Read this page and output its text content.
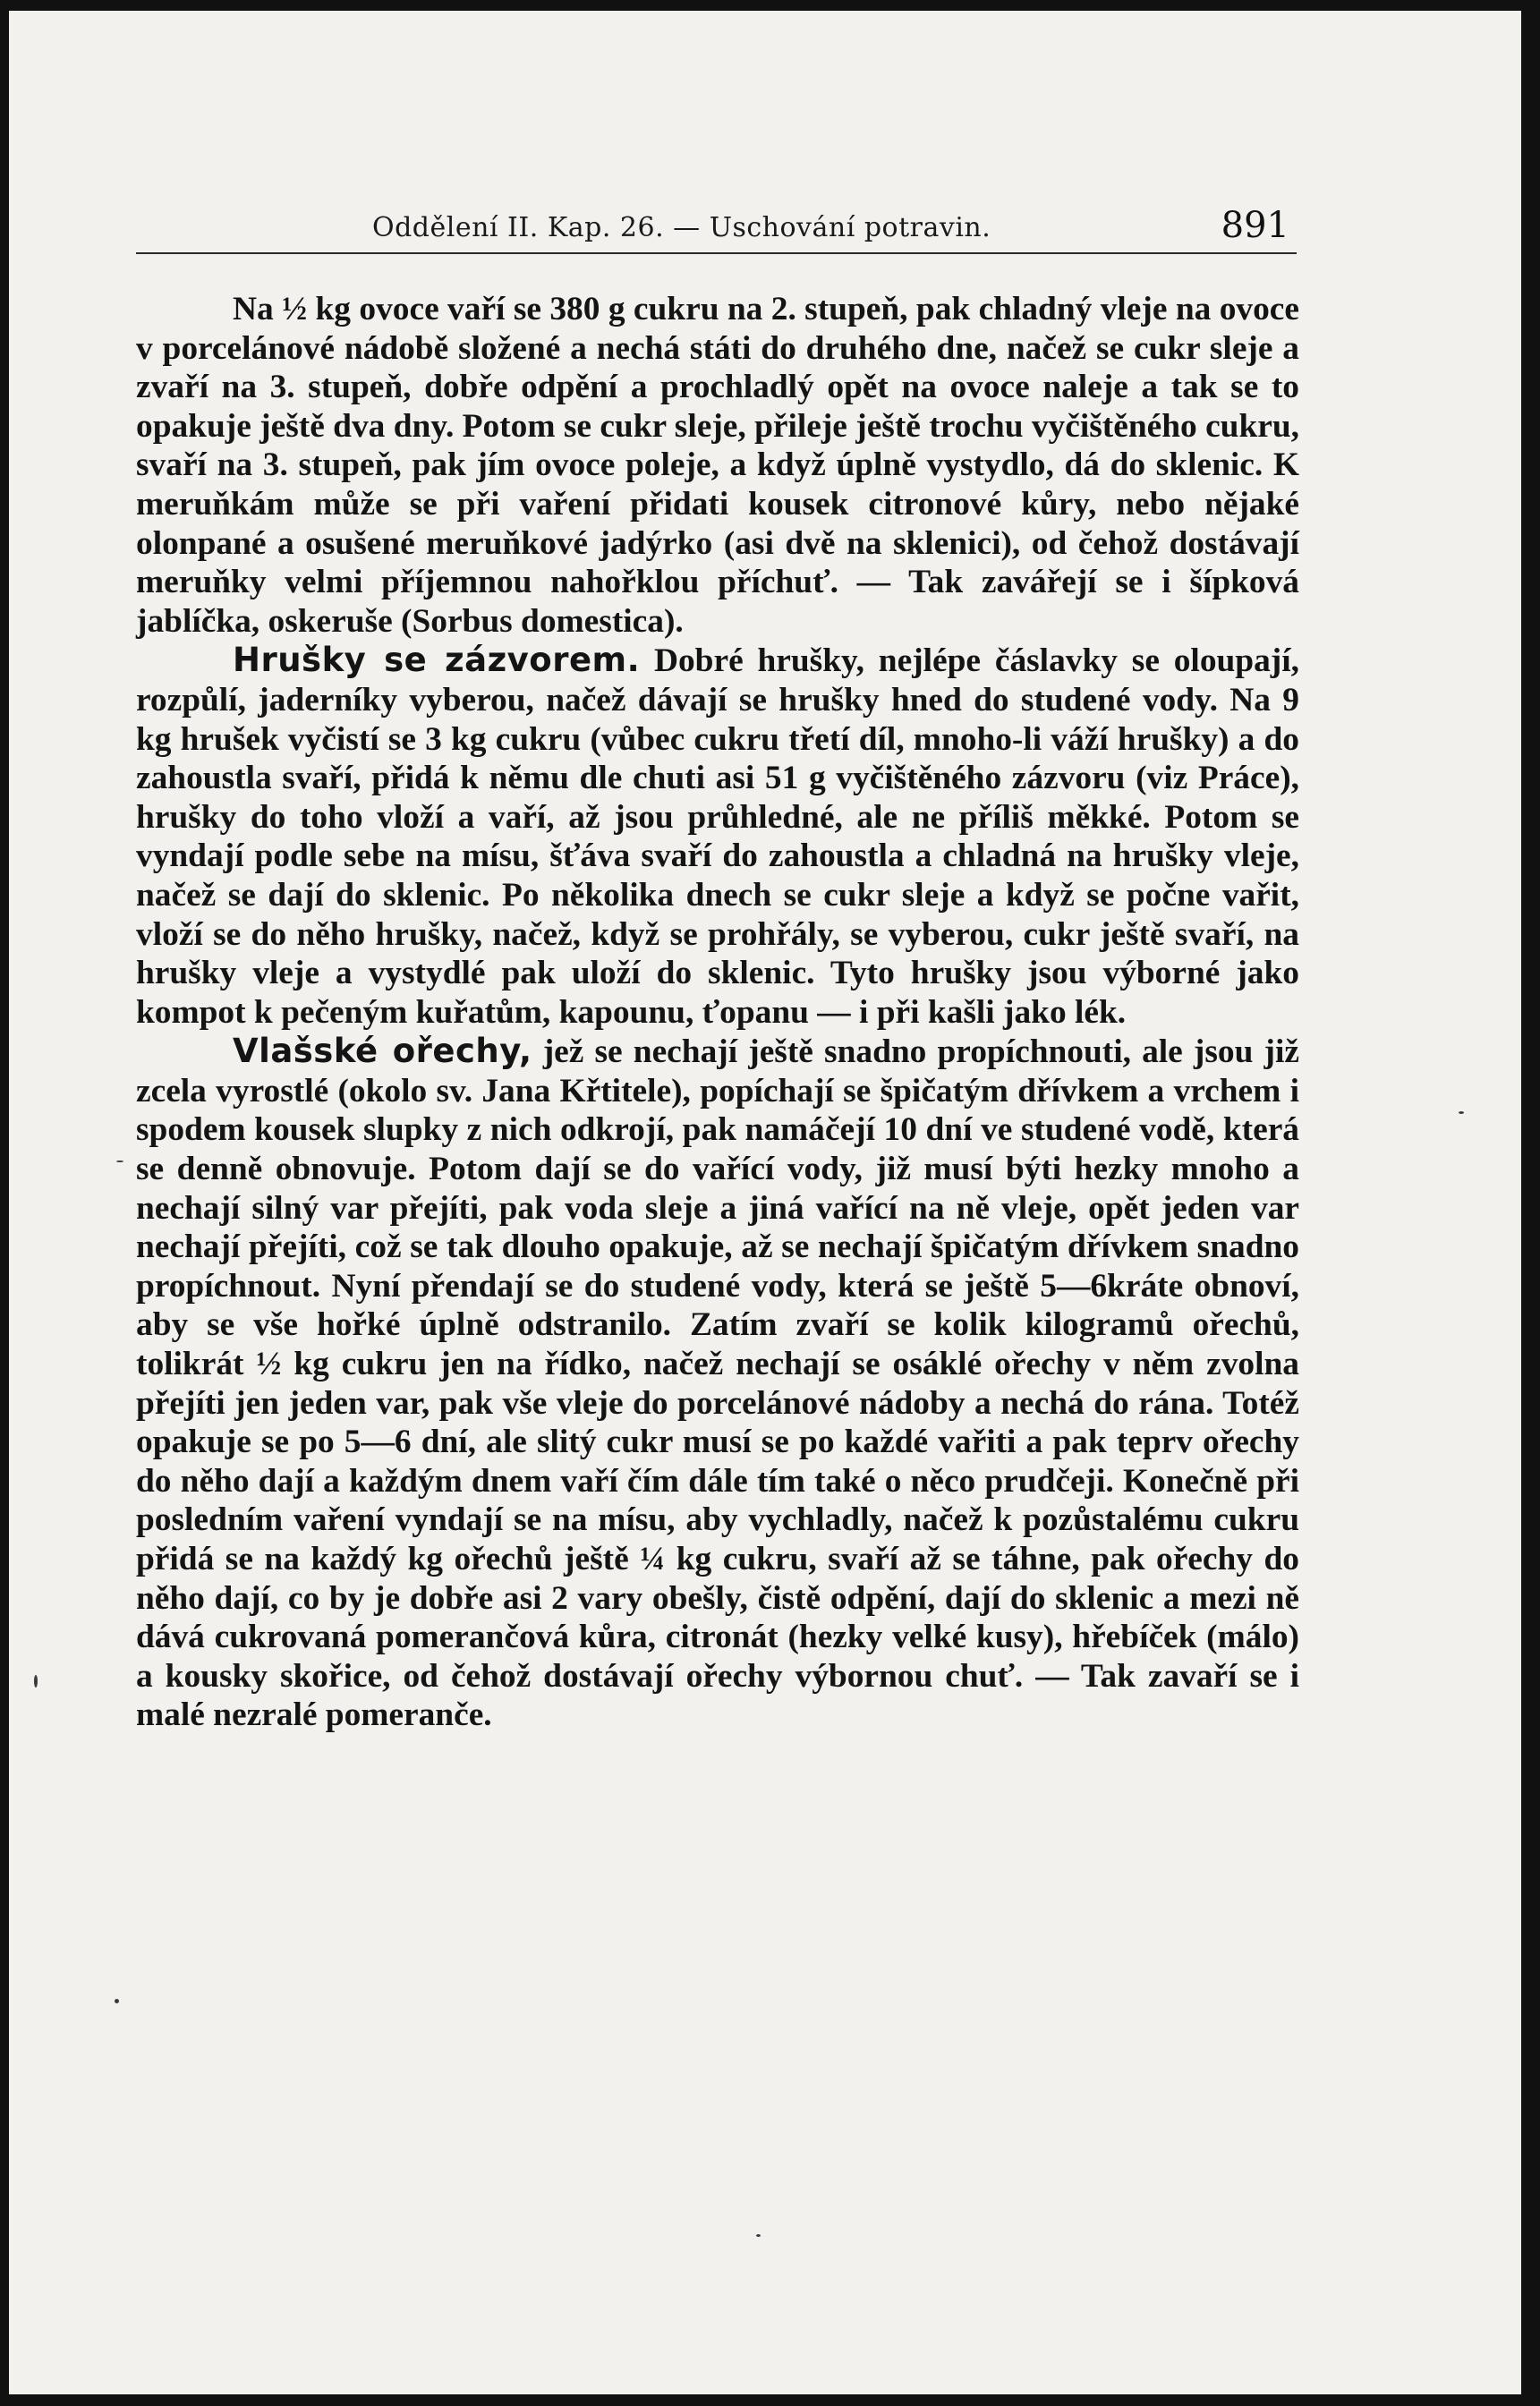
Oddělení II. Kap. 26. — Uschování potravin.	891

Na ½ kg ovoce vaří se 380 g cukru na 2. stupeň, pak chladný vleje na ovoce v porcelánové nádobě složené a nechá státi do druhého dne, načež se cukr sleje a zvaří na 3. stupeň, dobře odpění a prochladlý opět na ovoce naleje a tak se to opakuje ještě dva dny. Potom se cukr sleje, přileje ještě trochu vyčištěného cukru, svaří na 3. stupeň, pak jím ovoce poleje, a když úplně vystydlo, dá do sklenic. K meruňkám může se při vaření přidati kousek citronové kůry, nebo nějaké olonpané a osušené meruňkové jadýrko (asi dvě na sklenici), od čehož dostávají meruňky velmi příjemnou nahořklou příchuť. — Tak zavářejí se i šípková jablíčka, oskeruše (Sorbus domestica).

Hrušky se zázvorem. Dobré hrušky, nejlépe čáslavky se oloupají, rozpůlí, jaderníky vyberou, načež dávají se hrušky hned do studené vody. Na 9 kg hrušek vyčistí se 3 kg cukru (vůbec cukru třetí díl, mnoho-li váží hrušky) a do zahoustla svaří, přidá k němu dle chuti asi 51 g vyčištěného zázvoru (viz Práce), hrušky do toho vloží a vaří, až jsou průhledné, ale ne příliš měkké. Potom se vyndají podle sebe na mísu, šťáva svaří do zahoustla a chladná na hrušky vleje, načež se dají do sklenic. Po několika dnech se cukr sleje a když se počne vařit, vloží se do něho hrušky, načež, když se prohřály, se vyberou, cukr ještě svaří, na hrušky vleje a vystydlé pak uloží do sklenic. Tyto hrušky jsou výborné jako kompot k pečeným kuřatům, kapounu, ťopanu — i při kašli jako lék.

Vlašské ořechy, jež se nechají ještě snadno propíchnouti, ale jsou již zcela vyrostlé (okolo sv. Jana Křtitele), popíchají se špičatým dřívkem a vrchem i spodem kousek slupky z nich odkrojí, pak namáčejí 10 dní ve studené vodě, která se denně obnovuje. Potom dají se do vařící vody, již musí býti hezky mnoho a nechají silný var přejíti, pak voda sleje a jiná vařící na ně vleje, opět jeden var nechají přejíti, což se tak dlouho opakuje, až se nechají špičatým dřívkem snadno propíchnout. Nyní přendají se do studené vody, která se ještě 5—6kráte obnoví, aby se vše hořké úplně odstranilo. Zatím zvaří se kolik kilogramů ořechů, tolikrát ½ kg cukru jen na řídko, načež nechají se osáklé ořechy v něm zvolna přejíti jen jeden var, pak vše vleje do porcelánové nádoby a nechá do rána. Totéž opakuje se po 5—6 dní, ale slitý cukr musí se po každé vařiti a pak teprv ořechy do něho dají a každým dnem vaří čím dále tím také o něco prudčeji. Konečně při posledním vaření vyndají se na mísu, aby vychladly, načež k pozůstalému cukru přidá se na každý kg ořechů ještě ¼ kg cukru, svaří až se táhne, pak ořechy do něho dají, co by je dobře asi 2 vary obešly, čistě odpění, dají do sklenic a mezi ně dává cukrovaná pomerančová kůra, citronát (hezky velké kusy), hřebíček (málo) a kousky skořice, od čehož dostávají ořechy výbornou chuť. — Tak zavaří se i malé nezralé pomeranče.
